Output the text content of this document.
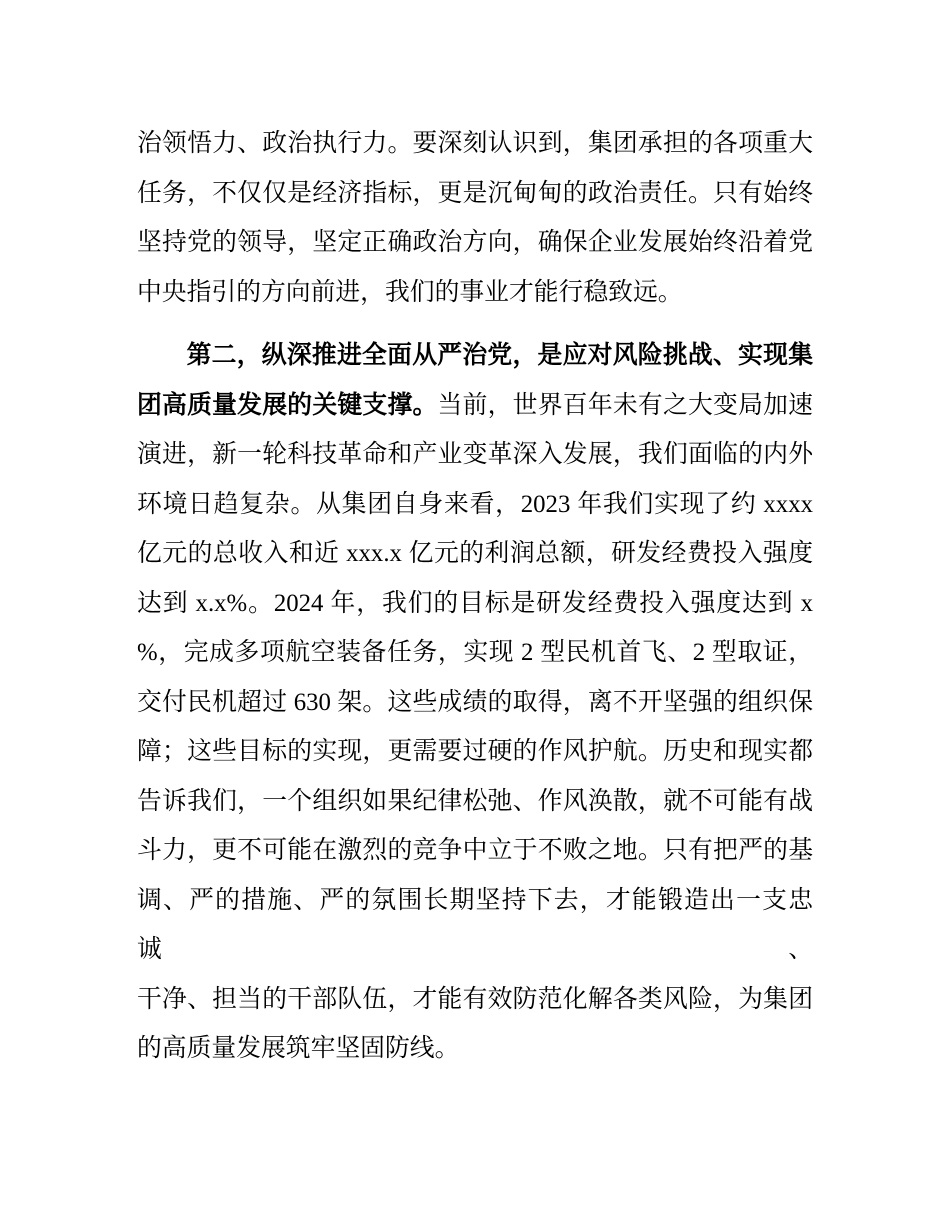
治领悟力、政治执行力。要深刻认识到，集团承担的各项重大
任务，不仅仅是经济指标，更是沉甸甸的政治责任。只有始终
坚持党的领导，坚定正确政治方向，确保企业发展始终沿着党
中央指引的方向前进，我们的事业才能行稳致远。
第二，纵深推进全面从严治党，是应对风险挑战、实现集
团高质量发展的关键支撑。当前，世界百年未有之大变局加速
演进，新一轮科技革命和产业变革深入发展，我们面临的内外
环境日趋复杂。从集团自身来看，2023 年我们实现了约 xxxx
亿元的总收入和近 xxx.x 亿元的利润总额，研发经费投入强度
达到 x.x%。2024 年，我们的目标是研发经费投入强度达到 x
%，完成多项航空装备任务，实现 2 型民机首飞、2 型取证，
交付民机超过 630 架。这些成绩的取得，离不开坚强的组织保
障；这些目标的实现，更需要过硬的作风护航。历史和现实都
告诉我们，一个组织如果纪律松弛、作风涣散，就不可能有战
斗力，更不可能在激烈的竞争中立于不败之地。只有把严的基
调、严的措施、严的氛围长期坚持下去，才能锻造出一支忠诚、
干净、担当的干部队伍，才能有效防范化解各类风险，为集团
的高质量发展筑牢坚固防线。
